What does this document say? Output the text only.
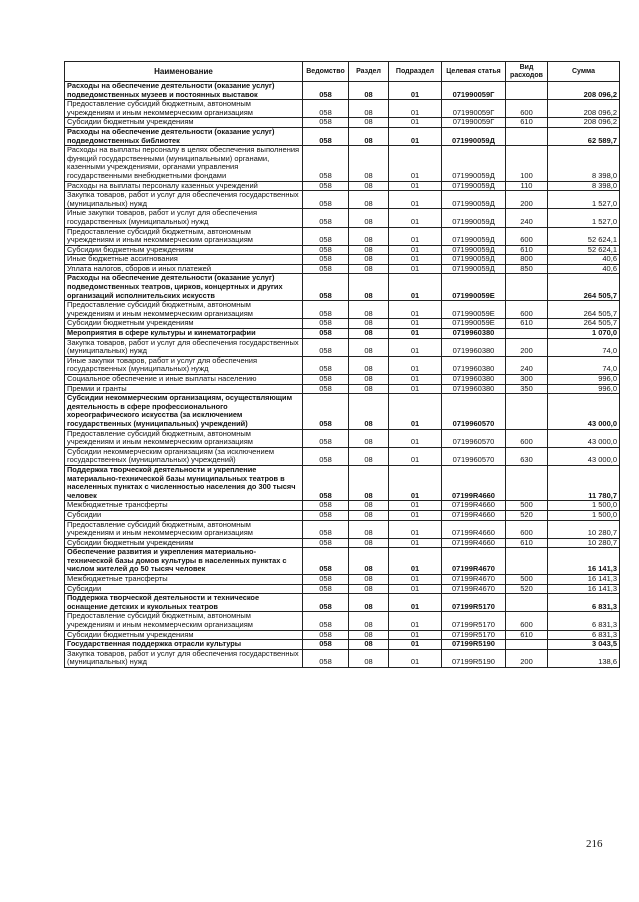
Наименование	Ведомство	Раздел	Подраздел	Целевая статья	Вид расходов	Сумма
Расходы на обеспечение деятельности (оказание услуг) подведомственных музеев и постоянных выставок	058	08	01	071990059Г		208 096,2
Предоставление субсидий бюджетным, автономным учреждениям и иным некоммерческим организациям	058	08	01	071990059Г	600	208 096,2
Субсидии бюджетным учреждениям	058	08	01	071990059Г	610	208 096,2
Расходы на обеспечение деятельности (оказание услуг) подведомственных библиотек	058	08	01	071990059Д		62 589,7
Расходы на выплаты персоналу в целях обеспечения выполнения функций государственными (муниципальными) органами, казенными учреждениями, органами управления государственными внебюджетными фондами	058	08	01	071990059Д	100	8 398,0
Расходы на выплаты персоналу казенных учреждений	058	08	01	071990059Д	110	8 398,0
Закупка товаров, работ и услуг для обеспечения государственных (муниципальных) нужд	058	08	01	071990059Д	200	1 527,0
Иные закупки товаров, работ и услуг для обеспечения государственных (муниципальных) нужд	058	08	01	071990059Д	240	1 527,0
Предоставление субсидий бюджетным, автономным учреждениям и иным некоммерческим организациям	058	08	01	071990059Д	600	52 624,1
Субсидии бюджетным учреждениям	058	08	01	071990059Д	610	52 624,1
Иные бюджетные ассигнования	058	08	01	071990059Д	800	40,6
Уплата налогов, сборов и иных платежей	058	08	01	071990059Д	850	40,6
Расходы на обеспечение деятельности (оказание услуг) подведомственных театров, цирков, концертных и других организаций исполнительских искусств	058	08	01	071990059Е		264 505,7
Предоставление субсидий бюджетным, автономным учреждениям и иным некоммерческим организациям	058	08	01	071990059Е	600	264 505,7
Субсидии бюджетным учреждениям	058	08	01	071990059Е	610	264 505,7
Мероприятия в сфере культуры и кинематографии	058	08	01	0719960380		1 070,0
Закупка товаров, работ и услуг для обеспечения государственных (муниципальных) нужд	058	08	01	0719960380	200	74,0
Иные закупки товаров, работ и услуг для обеспечения государственных (муниципальных) нужд	058	08	01	0719960380	240	74,0
Социальное обеспечение и иные выплаты населению	058	08	01	0719960380	300	996,0
Премии и гранты	058	08	01	0719960380	350	996,0
Субсидии некоммерческим организациям, осуществляющим деятельность в сфере профессионального хореографического искусства (за исключением государственных (муниципальных) учреждений)	058	08	01	0719960570		43 000,0
Предоставление субсидий бюджетным, автономным учреждениям и иным некоммерческим организациям	058	08	01	0719960570	600	43 000,0
Субсидии некоммерческим организациям (за исключением государственных (муниципальных) учреждений)	058	08	01	0719960570	630	43 000,0
Поддержка творческой деятельности и укрепление материально-технической базы муниципальных театров в населенных пунктах с численностью населения до 300 тысяч человек	058	08	01	07199R4660		11 780,7
Межбюджетные трансферты	058	08	01	07199R4660	500	1 500,0
Субсидии	058	08	01	07199R4660	520	1 500,0
Предоставление субсидий бюджетным, автономным учреждениям и иным некоммерческим организациям	058	08	01	07199R4660	600	10 280,7
Субсидии бюджетным учреждениям	058	08	01	07199R4660	610	10 280,7
Обеспечение развития и укрепления материально-технической базы домов культуры в населенных пунктах с числом жителей до 50 тысяч человек	058	08	01	07199R4670		16 141,3
Межбюджетные трансферты	058	08	01	07199R4670	500	16 141,3
Субсидии	058	08	01	07199R4670	520	16 141,3
Поддержка творческой деятельности и техническое оснащение детских и кукольных театров	058	08	01	07199R5170		6 831,3
Предоставление субсидий бюджетным, автономным учреждениям и иным некоммерческим организациям	058	08	01	07199R5170	600	6 831,3
Субсидии бюджетным учреждениям	058	08	01	07199R5170	610	6 831,3
Государственная поддержка отрасли культуры	058	08	01	07199R5190		3 043,5
Закупка товаров, работ и услуг для обеспечения государственных (муниципальных) нужд	058	08	01	07199R5190	200	138,6
216
